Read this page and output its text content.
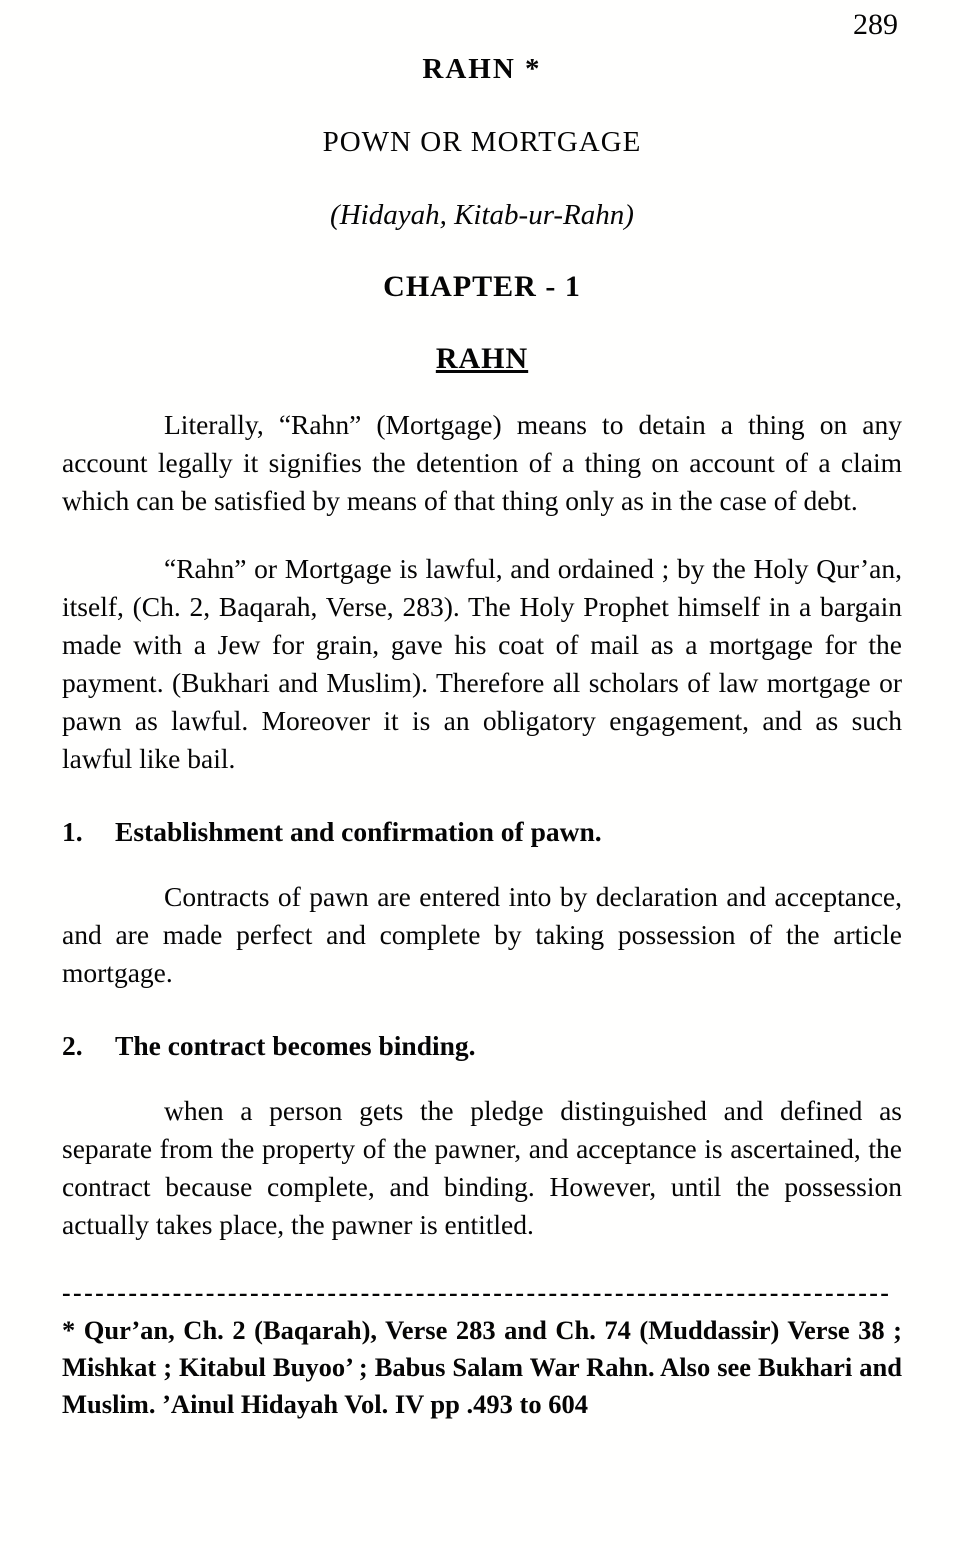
289
RAHN *
POWN OR MORTGAGE
(Hidayah, Kitab-ur-Rahn)
CHAPTER - 1
RAHN

Literally, “Rahn” (Mortgage) means to detain a thing on any account legally it signifies the detention of a thing on account of a claim which can be satisfied by means of that thing only as in the case of debt.

“Rahn” or Mortgage is lawful, and ordained ; by the Holy Qur’an, itself, (Ch. 2, Baqarah, Verse, 283). The Holy Prophet himself in a bargain made with a Jew for grain, gave his coat of mail as a mortgage for the payment. (Bukhari and Muslim). Therefore all scholars of law mortgage or pawn as lawful. Moreover it is an obligatory engagement, and as such lawful like bail.

1.	Establishment and confirmation of pawn.

Contracts of pawn are entered into by declaration and acceptance, and are made perfect and complete by taking possession of the article mortgage.

2.	The contract becomes binding.

when a person gets the pledge distinguished and defined as separate from the property of the pawner, and acceptance is ascertained, the contract because complete, and binding. However, until the possession actually takes place, the pawner is entitled.

---------------------------------------------------------------------------
* Qur’an, Ch. 2 (Baqarah), Verse 283 and Ch. 74 (Muddassir) Verse 38 ; Mishkat ; Kitabul Buyoo’ ; Babus Salam War Rahn. Also see Bukhari and Muslim. ’Ainul Hidayah Vol. IV pp .493 to 604
